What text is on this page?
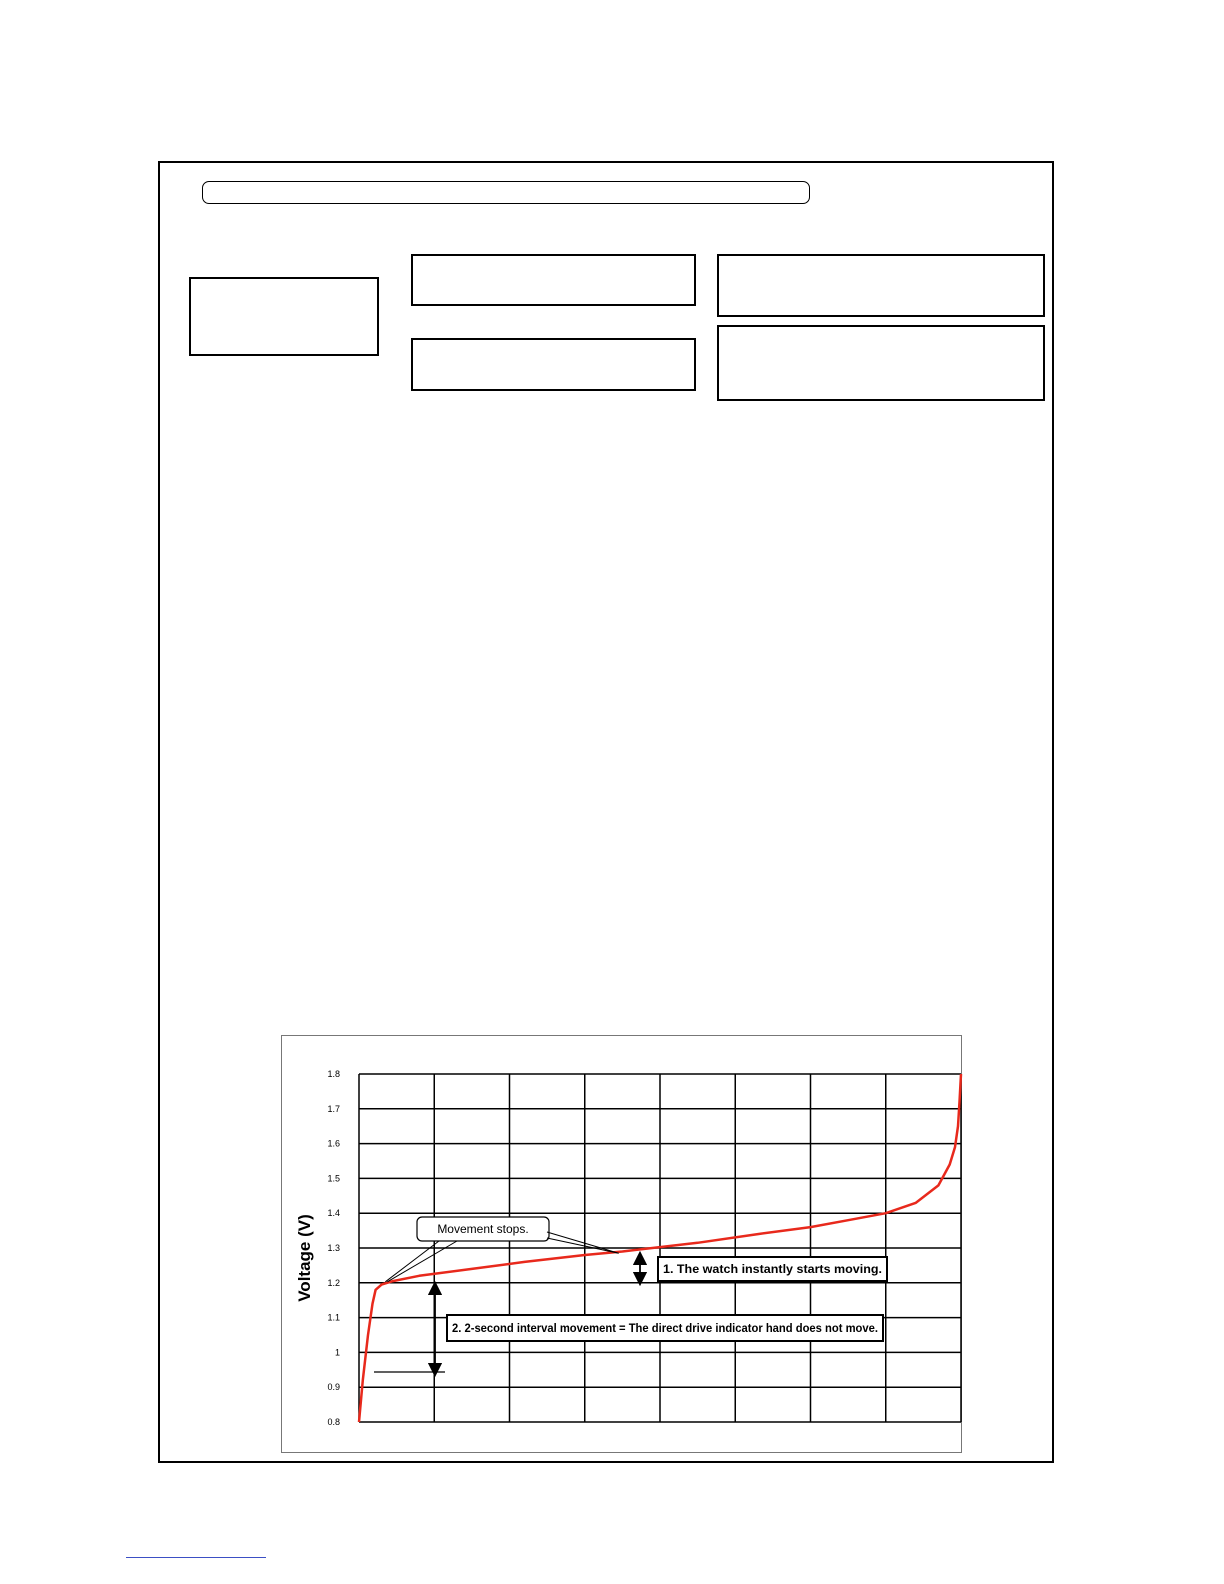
1.8
1.7
1.6
1.5
1.4
1.3
1.2
1.1
1
0.9
0.8
Movement stops.
1. The watch instantly starts moving.
2. 2-second interval movement = The direct drive indicator hand does not move.
Voltage (V)
